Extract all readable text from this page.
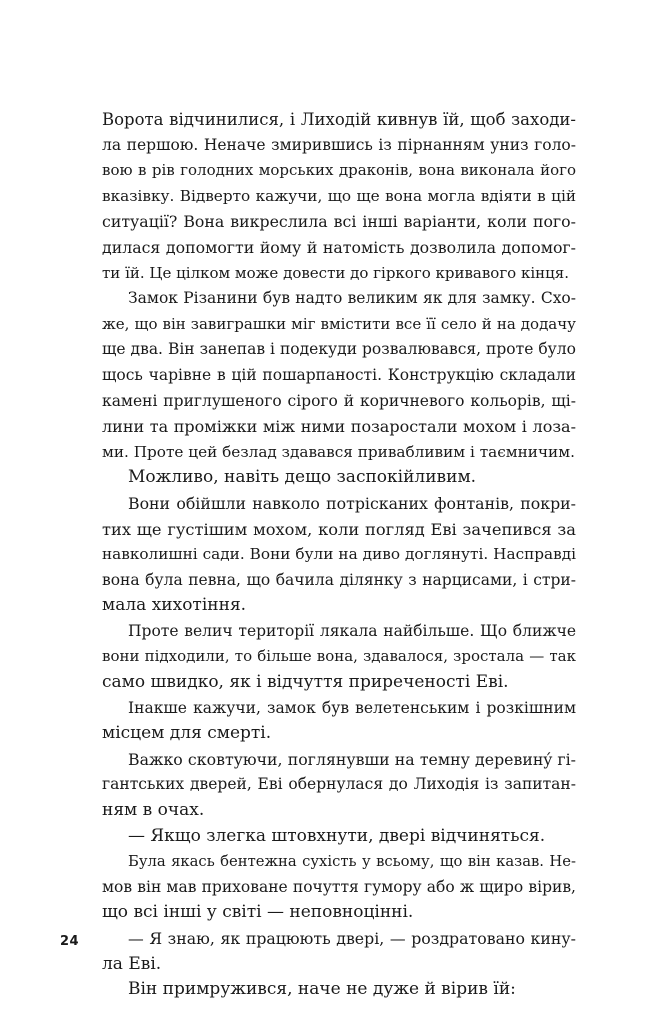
Ворота відчинилися, і Лиходій кивнув їй, щоб заходи-
ла першою. Неначе змирившись із пірнанням униз голо-
вою в рів голодних морських драконів, вона виконала його
вказівку. Відверто кажучи, що ще вона могла вдіяти в цій
ситуації? Вона викреслила всі інші варіанти, коли пого-
дилася допомогти йому й натомість дозволила допомог-
ти їй. Це цілком може довести до гіркого кривавого кінця.
Замок Різанини був надто великим як для замку. Схо-
же, що він завиграшки міг вмістити все її село й на додачу
ще два. Він занепав і подекуди розвалювався, проте було
щось чарівне в цій пошарпаності. Конструкцію складали
камені приглушеного сірого й коричневого кольорів, щі-
лини та проміжки між ними позаростали мохом і лоза-
ми. Проте цей безлад здавався привабливим і таємничим.
Можливо, навіть дещо заспокійливим.
Вони обійшли навколо потрісканих фонтанів, покри-
тих ще густішим мохом, коли погляд Еві зачепився за
навколишні сади. Вони були на диво доглянуті. Насправді
вона була певна, що бачила ділянку з нарцисами, і стри-
мала хихотіння.
Проте велич території лякала найбільше. Що ближче
вони підходили, то більше вона, здавалося, зростала — так
само швидко, як і відчуття приреченості Еві.
Інакше кажучи, замок був велетенським і розкішним
місцем для смерті.
Важко сковтуючи, поглянувши на темну деревинý гі-
гантських дверей, Еві обернулася до Лиходія із запитан-
ням в очах.
— Якщо злегка штовхнути, двері відчиняться.
Була якась бентежна сухість у всьому, що він казав. Не-
мов він мав приховане почуття гумору або ж щиро вірив,
що всі інші у світі — неповноцінні.
— Я знаю, як працюють двері, — роздратовано кину-
ла Еві.
Він примружився, наче не дуже й вірив їй:
24
